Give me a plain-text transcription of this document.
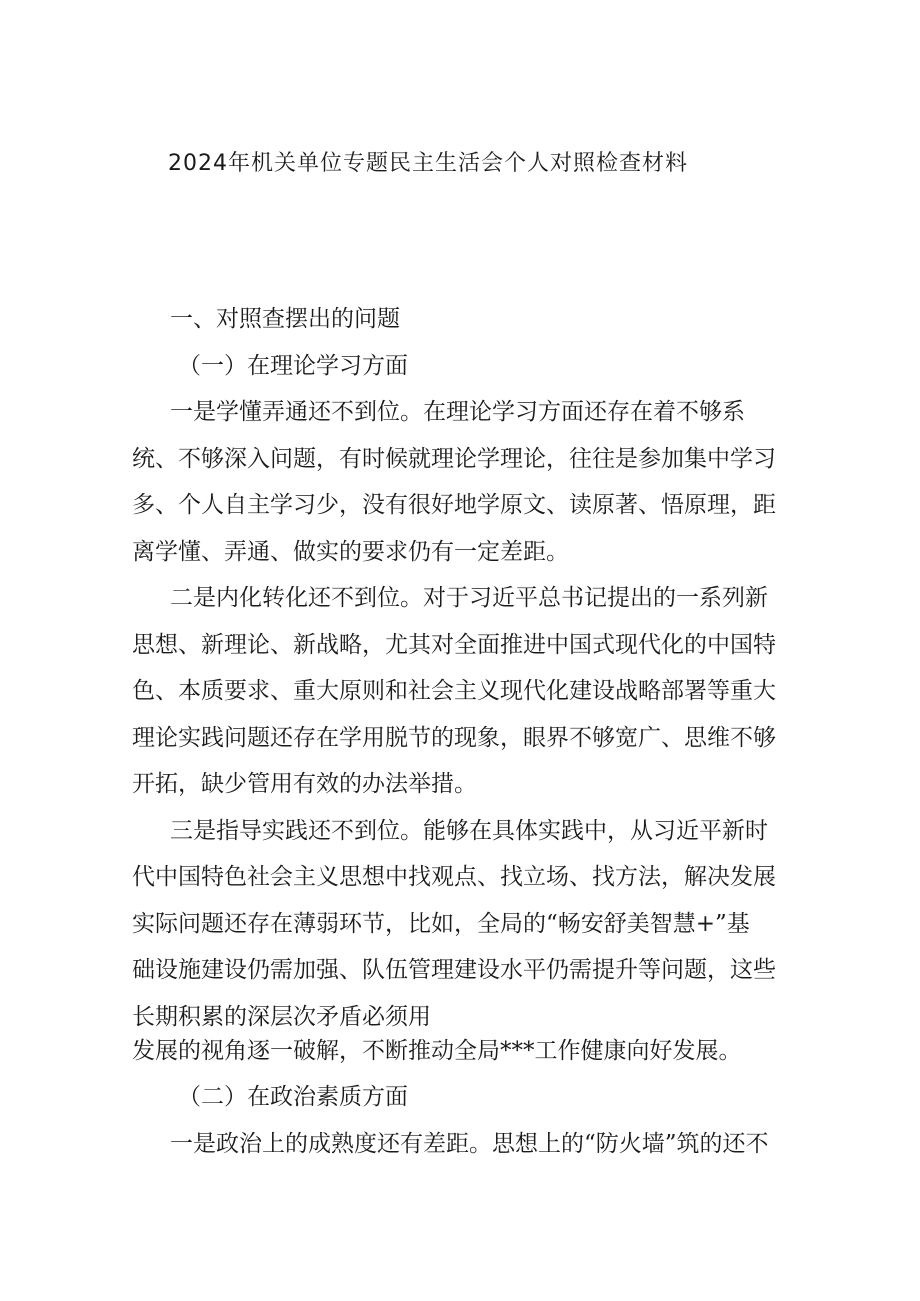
2024年机关单位专题民主生活会个人对照检查材料
一、对照查摆出的问题
（一）在理论学习方面
一是学懂弄通还不到位。在理论学习方面还存在着不够系
统、不够深入问题，有时候就理论学理论，往往是参加集中学习
多、个人自主学习少，没有很好地学原文、读原著、悟原理，距
离学懂、弄通、做实的要求仍有一定差距。
二是内化转化还不到位。对于习近平总书记提出的一系列新
思想、新理论、新战略，尤其对全面推进中国式现代化的中国特
色、本质要求、重大原则和社会主义现代化建设战略部署等重大
理论实践问题还存在学用脱节的现象，眼界不够宽广、思维不够
开拓，缺少管用有效的办法举措。
三是指导实践还不到位。能够在具体实践中，从习近平新时
代中国特色社会主义思想中找观点、找立场、找方法，解决发展
实际问题还存在薄弱环节，比如，全局的“畅安舒美智慧+”基
础设施建设仍需加强、队伍管理建设水平仍需提升等问题，这些
长期积累的深层次矛盾必须用
发展的视角逐一破解，不断推动全局***工作健康向好发展。
（二）在政治素质方面
一是政治上的成熟度还有差距。思想上的“防火墙”筑的还不
